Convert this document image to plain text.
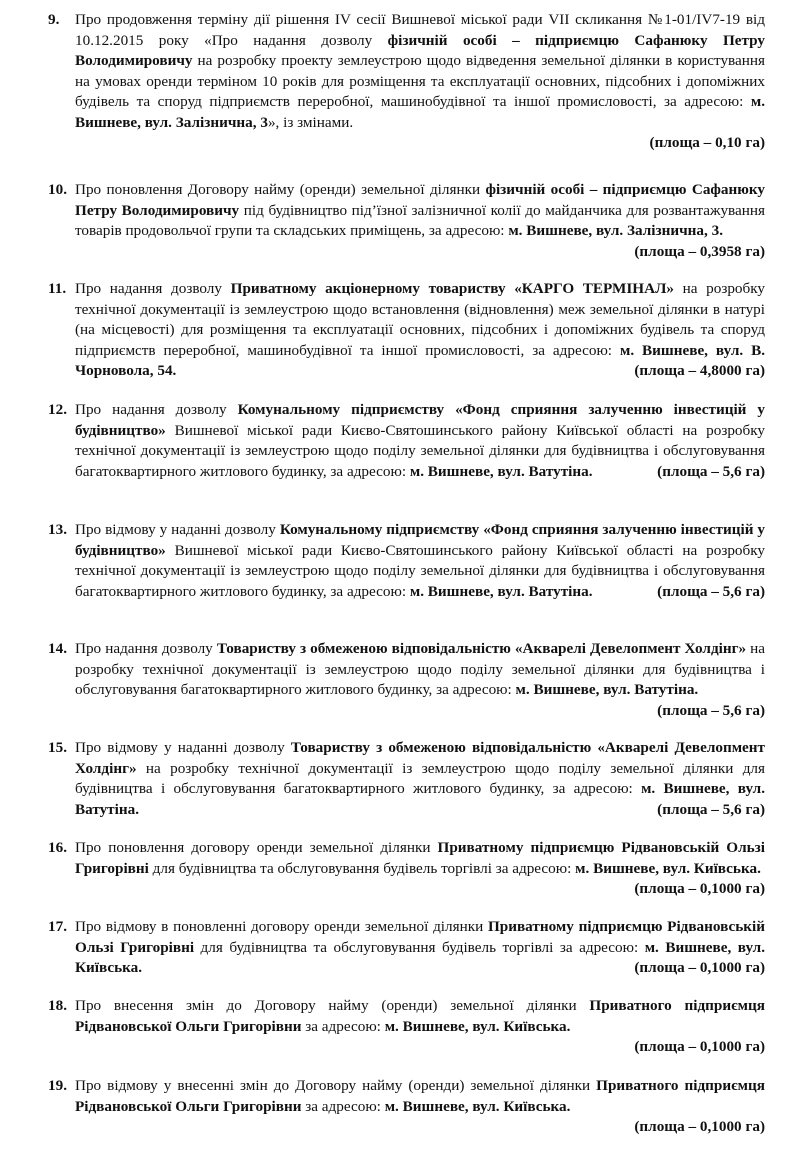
9. Про продовження терміну дії рішення IV сесії Вишневої міської ради VII скликання №1-01/IV7-19 від 10.12.2015 року «Про надання дозволу фізичній особі – підприємцю Сафанюку Петру Володимировичу на розробку проекту землеустрою щодо відведення земельної ділянки в користування на умовах оренди терміном 10 років для розміщення та експлуатації основних, підсобних і допоміжних будівель та споруд підприємств переробної, машинобудівної та іншої промисловості, за адресою: м. Вишневе, вул. Залізнична, 3», із змінами.
(площа – 0,10 га)
10. Про поновлення Договору найму (оренди) земельної ділянки фізичній особі – підприємцю Сафанюку Петру Володимировичу під будівництво під’їзної залізничної колії до майданчика для розвантажування товарів продовольчої групи та складських приміщень, за адресою: м. Вишневе, вул. Залізнична, 3.
(площа – 0,3958 га)
11. Про надання дозволу Приватному акціонерному товариству «КАРГО ТЕРМІНАЛ» на розробку технічної документації із землеустрою щодо встановлення (відновлення) меж земельної ділянки в натурі (на місцевості) для розміщення та експлуатації основних, підсобних і допоміжних будівель та споруд підприємств переробної, машинобудівної та іншої промисловості, за адресою: м. Вишневе, вул. В. Чорновола, 54.	(площа – 4,8000 га)
12. Про надання дозволу Комунальному підприємству «Фонд сприяння залученню інвестицій у будівництво» Вишневої міської ради Києво-Святошинського району Київської області на розробку технічної документації із землеустрою щодо поділу земельної ділянки для будівництва і обслуговування багатоквартирного житлового будинку, за адресою: м. Вишневе, вул. Ватутіна.	(площа – 5,6 га)
13. Про відмову у наданні дозволу Комунальному підприємству «Фонд сприяння залученню інвестицій у будівництво» Вишневої міської ради Києво-Святошинського району Київської області на розробку технічної документації із землеустрою щодо поділу земельної ділянки для будівництва і обслуговування багатоквартирного житлового будинку, за адресою: м. Вишневе, вул. Ватутіна.	(площа – 5,6 га)
14. Про надання дозволу Товариству з обмеженою відповідальністю «Акварелі Девелопмент Холдінг» на розробку технічної документації із землеустрою щодо поділу земельної ділянки для будівництва і обслуговування багатоквартирного житлового будинку, за адресою: м. Вишневе, вул. Ватутіна.
(площа – 5,6 га)
15. Про відмову у наданні дозволу Товариству з обмеженою відповідальністю «Акварелі Девелопмент Холдінг» на розробку технічної документації із землеустрою щодо поділу земельної ділянки для будівництва і обслуговування багатоквартирного житлового будинку, за адресою: м. Вишневе, вул. Ватутіна.	(площа – 5,6 га)
16. Про поновлення договору оренди земельної ділянки Приватному підприємцю Рідвановській Ользі Григорівні для будівництва та обслуговування будівель торгівлі за адресою: м. Вишневе, вул. Київська.
(площа – 0,1000 га)
17. Про відмову в поновленні договору оренди земельної ділянки Приватному підприємцю Рідвановській Ользі Григорівні для будівництва та обслуговування будівель торгівлі за адресою: м. Вишневе, вул. Київська.	(площа – 0,1000 га)
18. Про внесення змін до Договору найму (оренди) земельної ділянки Приватного підприємця Рідвановської Ольги Григорівни за адресою: м. Вишневе, вул. Київська.
(площа – 0,1000 га)
19. Про відмову у внесенні змін до Договору найму (оренди) земельної ділянки Приватного підприємця Рідвановської Ольги Григорівни за адресою: м. Вишневе, вул. Київська.
(площа – 0,1000 га)
